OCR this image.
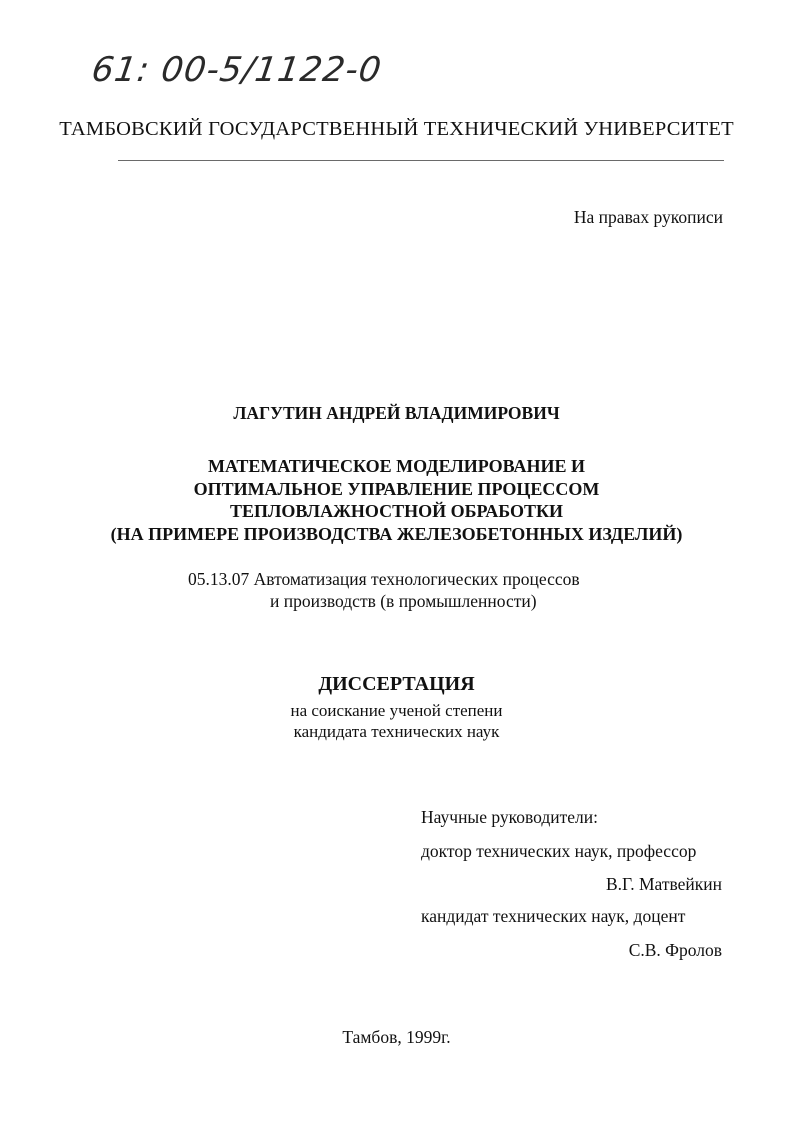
61: 00-5/1122-0
ТАМБОВСКИЙ ГОСУДАРСТВЕННЫЙ ТЕХНИЧЕСКИЙ УНИВЕРСИТЕТ
На правах рукописи
ЛАГУТИН АНДРЕЙ ВЛАДИМИРОВИЧ
МАТЕМАТИЧЕСКОЕ МОДЕЛИРОВАНИЕ И
ОПТИМАЛЬНОЕ УПРАВЛЕНИЕ ПРОЦЕССОМ
ТЕПЛОВЛАЖНОСТНОЙ ОБРАБОТКИ
(НА ПРИМЕРЕ ПРОИЗВОДСТВА ЖЕЛЕЗОБЕТОННЫХ ИЗДЕЛИЙ)
05.13.07 Автоматизация технологических процессов
и производств (в промышленности)
ДИССЕРТАЦИЯ
на соискание ученой степени
кандидата технических наук
Научные руководители:
доктор технических наук, профессор
В.Г. Матвейкин
кандидат технических наук, доцент
С.В. Фролов
Тамбов, 1999г.
